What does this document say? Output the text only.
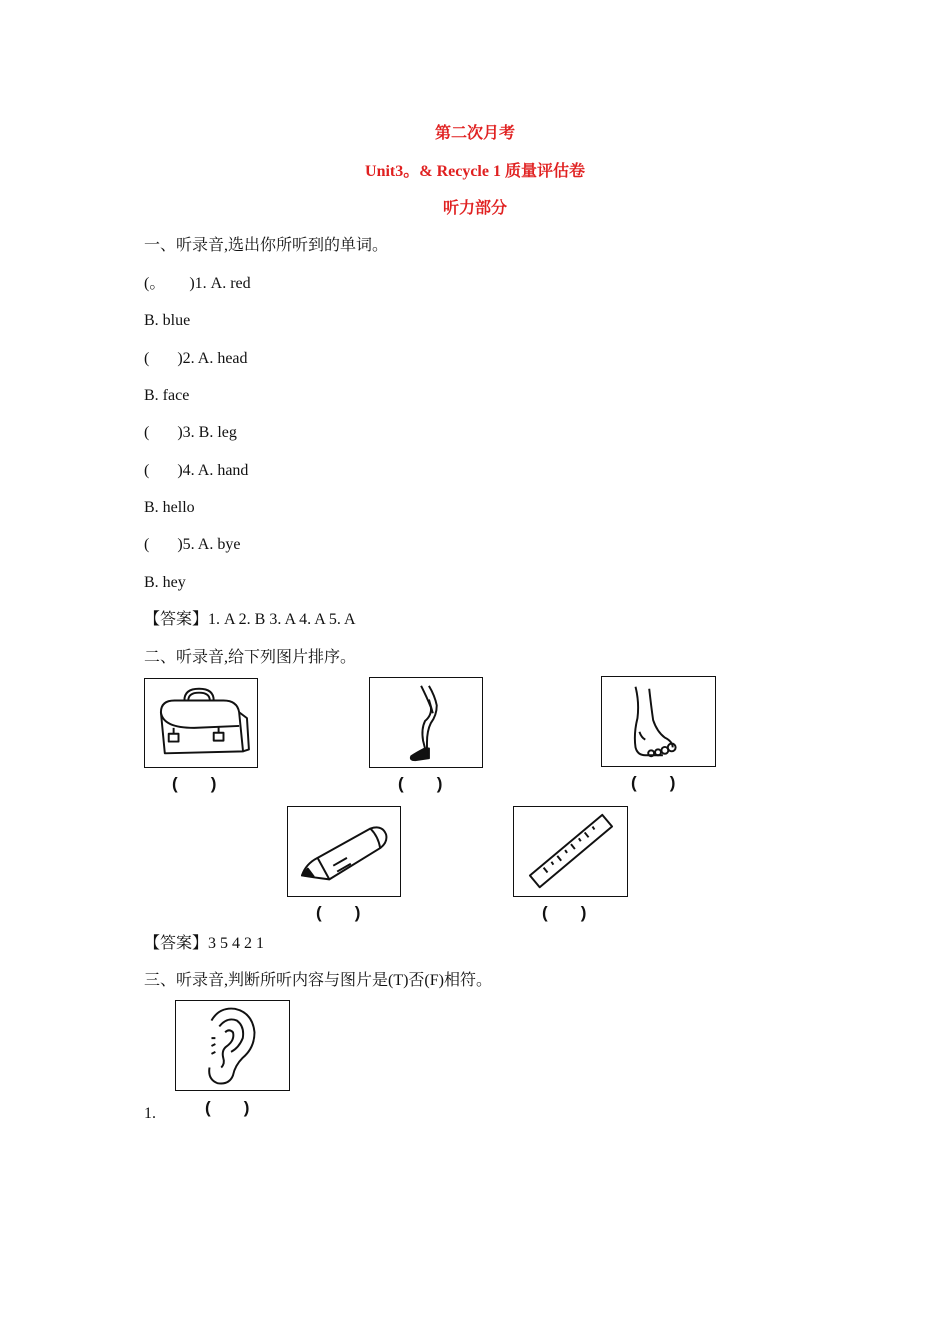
第二次月考
Unit3。& Recycle 1 质量评估卷
听力部分
一、听录音,选出你所听到的单词。
(。      )1. A. red
B. blue
(       )2. A. head
B. face
(       )3. B. leg
(       )4. A. hand
B. hello
(       )5. A. bye
B. hey
【答案】1. A 2. B 3. A 4. A 5. A
二、听录音,给下列图片排序。
(       )	(       )	(       )
(       )	(       )
【答案】3 5 4 2 1
三、听录音,判断所听内容与图片是(T)否(F)相符。
1.	(       )
